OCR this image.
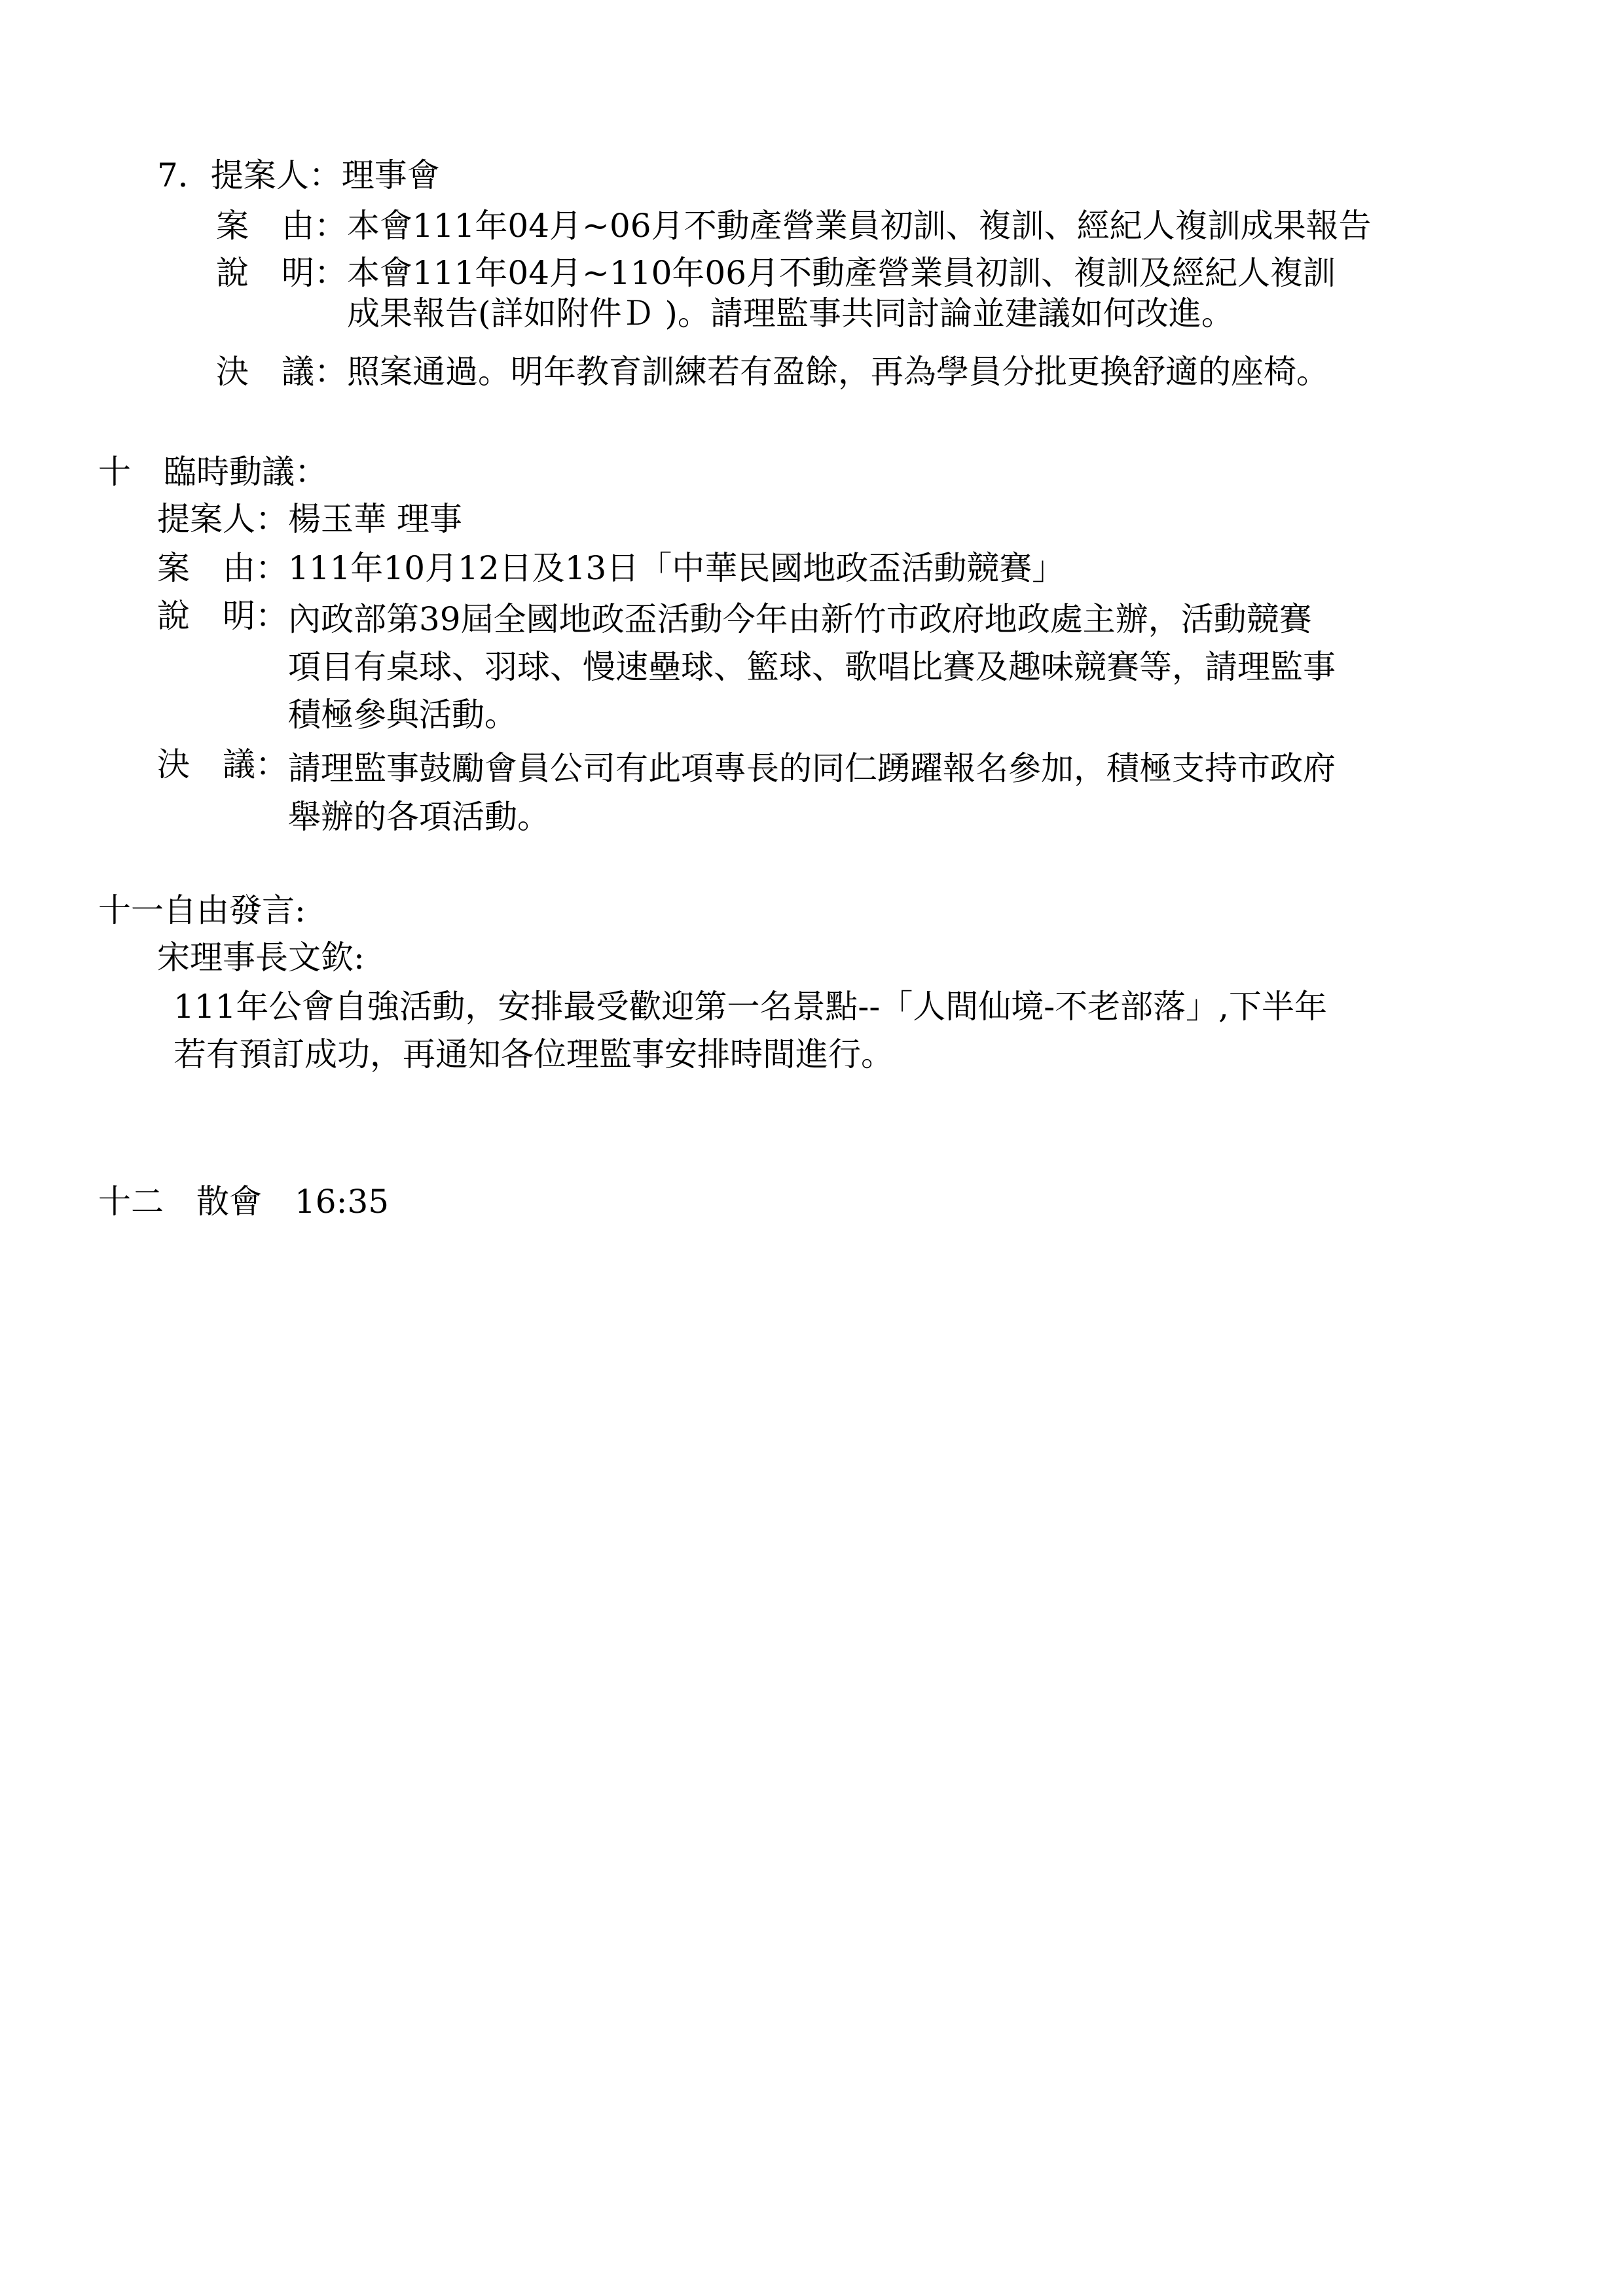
7．提案人：理事會
案　由： 本會111年04月~06月不動產營業員初訓、複訓、經紀人複訓成果報告
說　明： 本會111年04月~110年06月不動產營業員初訓、複訓及經紀人複訓
成果報告(詳如附件Ｄ )。請理監事共同討論並建議如何改進。
決　議： 照案通過。明年教育訓練若有盈餘，再為學員分批更換舒適的座椅。
十　臨時動議：
提案人：楊玉華 理事
案　由： 111年10月12日及13日「中華民國地政盃活動競賽」
說　明： 內政部第39屆全國地政盃活動今年由新竹市政府地政處主辦，活動競賽
項目有桌球、羽球、慢速壘球、籃球、歌唱比賽及趣味競賽等，請理監事
積極參與活動。
決　議： 請理監事鼓勵會員公司有此項專長的同仁踴躍報名參加，積極支持市政府
舉辦的各項活動。
十一自由發言:
宋理事長文欽:
111年公會自強活動，安排最受歡迎第一名景點--「人間仙境-不老部落」,下半年
若有預訂成功，再通知各位理監事安排時間進行。
十二　散會　16:35
